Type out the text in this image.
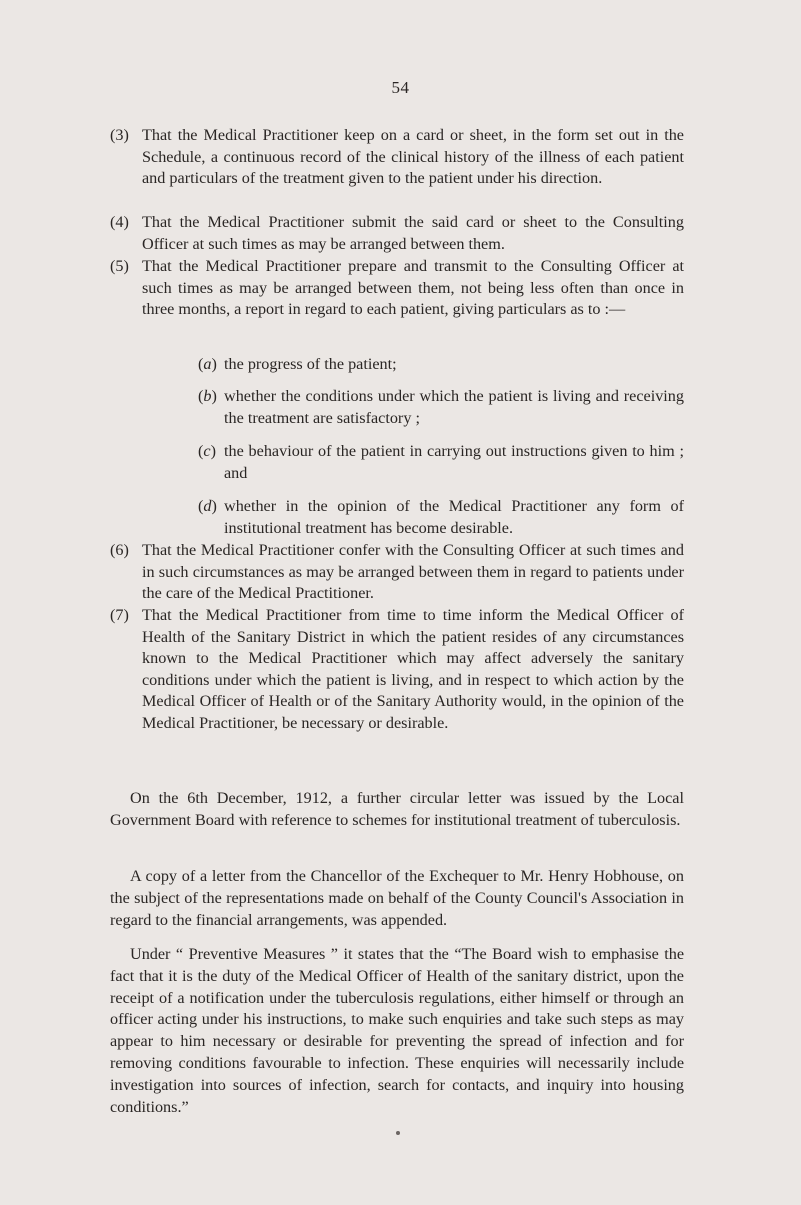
54
(3) That the Medical Practitioner keep on a card or sheet, in the form set out in the Schedule, a continuous record of the clinical history of the illness of each patient and particulars of the treatment given to the patient under his direction.
(4) That the Medical Practitioner submit the said card or sheet to the Consulting Officer at such times as may be arranged between them.
(5) That the Medical Practitioner prepare and transmit to the Consulting Officer at such times as may be arranged between them, not being less often than once in three months, a report in regard to each patient, giving particulars as to :—
(a) the progress of the patient;
(b) whether the conditions under which the patient is living and receiving the treatment are satisfactory ;
(c) the behaviour of the patient in carrying out instructions given to him ; and
(d) whether in the opinion of the Medical Practitioner any form of institutional treatment has become desirable.
(6) That the Medical Practitioner confer with the Consulting Officer at such times and in such circumstances as may be arranged between them in regard to patients under the care of the Medical Practitioner.
(7) That the Medical Practitioner from time to time inform the Medical Officer of Health of the Sanitary District in which the patient resides of any circumstances known to the Medical Practitioner which may affect adversely the sanitary conditions under which the patient is living, and in respect to which action by the Medical Officer of Health or of the Sanitary Authority would, in the opinion of the Medical Practitioner, be necessary or desirable.
On the 6th December, 1912, a further circular letter was issued by the Local Government Board with reference to schemes for institutional treatment of tuberculosis.
A copy of a letter from the Chancellor of the Exchequer to Mr. Henry Hobhouse, on the subject of the representations made on behalf of the County Council's Association in regard to the financial arrangements, was appended.
Under “ Preventive Measures ” it states that the “The Board wish to emphasise the fact that it is the duty of the Medical Officer of Health of the sanitary district, upon the receipt of a notification under the tuberculosis regulations, either himself or through an officer acting under his instructions, to make such enquiries and take such steps as may appear to him necessary or desirable for preventing the spread of infection and for removing conditions favourable to infection. These enquiries will necessarily include investigation into sources of infection, search for contacts, and inquiry into housing conditions.”
